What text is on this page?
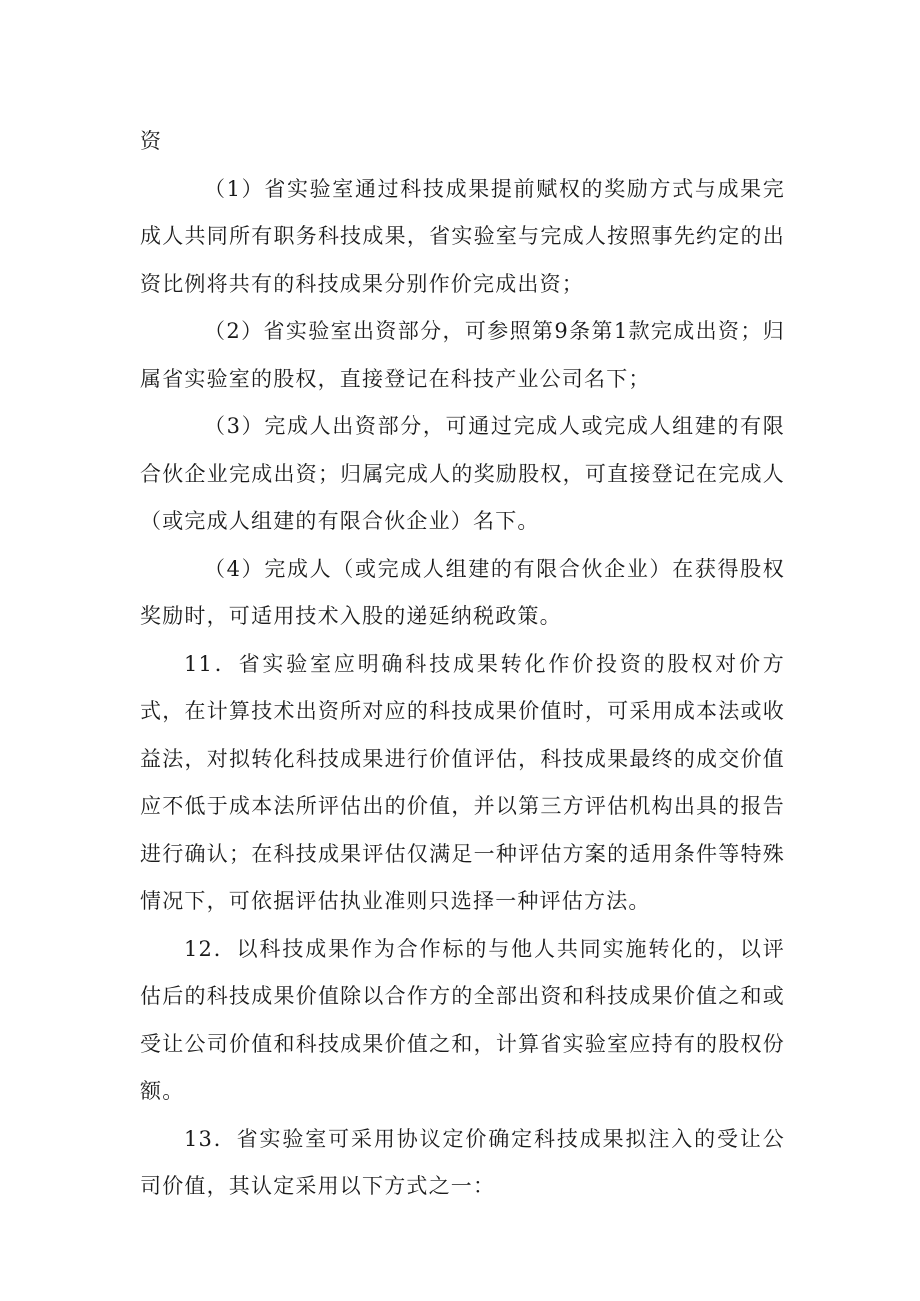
资

（1）省实验室通过科技成果提前赋权的奖励方式与成果完成人共同所有职务科技成果，省实验室与完成人按照事先约定的出资比例将共有的科技成果分别作价完成出资；

（2）省实验室出资部分，可参照第9条第1款完成出资；归属省实验室的股权，直接登记在科技产业公司名下；

（3）完成人出资部分，可通过完成人或完成人组建的有限合伙企业完成出资；归属完成人的奖励股权，可直接登记在完成人（或完成人组建的有限合伙企业）名下。

（4）完成人（或完成人组建的有限合伙企业）在获得股权奖励时，可适用技术入股的递延纳税政策。

11．省实验室应明确科技成果转化作价投资的股权对价方式，在计算技术出资所对应的科技成果价值时，可采用成本法或收益法，对拟转化科技成果进行价值评估，科技成果最终的成交价值应不低于成本法所评估出的价值，并以第三方评估机构出具的报告进行确认；在科技成果评估仅满足一种评估方案的适用条件等特殊情况下，可依据评估执业准则只选择一种评估方法。

12．以科技成果作为合作标的与他人共同实施转化的，以评估后的科技成果价值除以合作方的全部出资和科技成果价值之和或受让公司价值和科技成果价值之和，计算省实验室应持有的股权份额。

13．省实验室可采用协议定价确定科技成果拟注入的受让公司价值，其认定采用以下方式之一：
